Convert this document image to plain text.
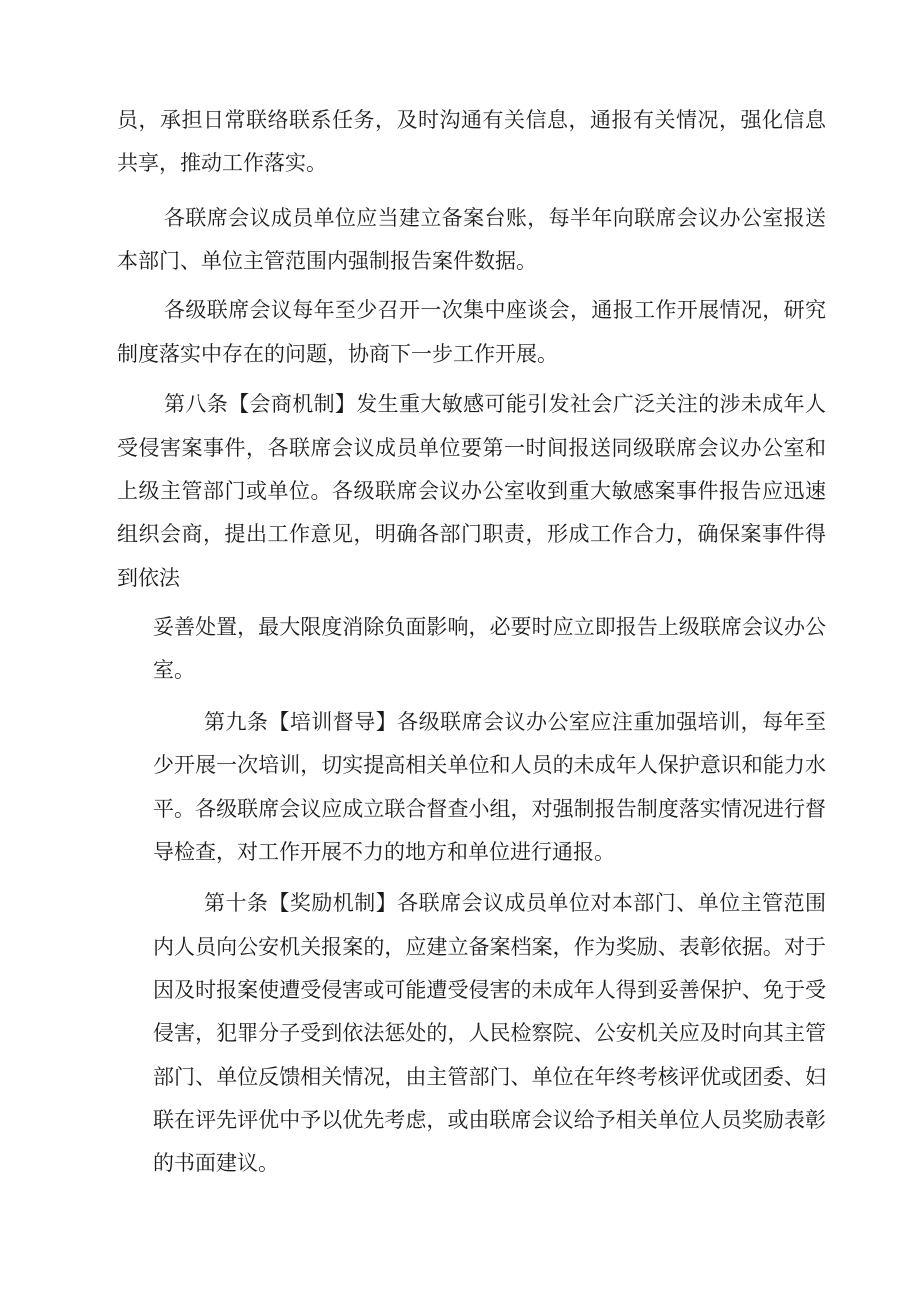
员，承担日常联络联系任务，及时沟通有关信息，通报有关情况，强化信息

共享，推动工作落实。

各联席会议成员单位应当建立备案台账，每半年向联席会议办公室报送

本部门、单位主管范围内强制报告案件数据。

各级联席会议每年至少召开一次集中座谈会，通报工作开展情况，研究

制度落实中存在的问题，协商下一步工作开展。

第八条【会商机制】发生重大敏感可能引发社会广泛关注的涉未成年人

受侵害案事件，各联席会议成员单位要第一时间报送同级联席会议办公室和

上级主管部门或单位。各级联席会议办公室收到重大敏感案事件报告应迅速

组织会商，提出工作意见，明确各部门职责，形成工作合力，确保案事件得

到依法

妥善处置，最大限度消除负面影响，必要时应立即报告上级联席会议办公

室。

第九条【培训督导】各级联席会议办公室应注重加强培训，每年至

少开展一次培训，切实提高相关单位和人员的未成年人保护意识和能力水

平。各级联席会议应成立联合督查小组，对强制报告制度落实情况进行督

导检查，对工作开展不力的地方和单位进行通报。

第十条【奖励机制】各联席会议成员单位对本部门、单位主管范围

内人员向公安机关报案的，应建立备案档案，作为奖励、表彰依据。对于

因及时报案使遭受侵害或可能遭受侵害的未成年人得到妥善保护、免于受

侵害，犯罪分子受到依法惩处的，人民检察院、公安机关应及时向其主管

部门、单位反馈相关情况，由主管部门、单位在年终考核评优或团委、妇

联在评先评优中予以优先考虑，或由联席会议给予相关单位人员奖励表彰

的书面建议。
